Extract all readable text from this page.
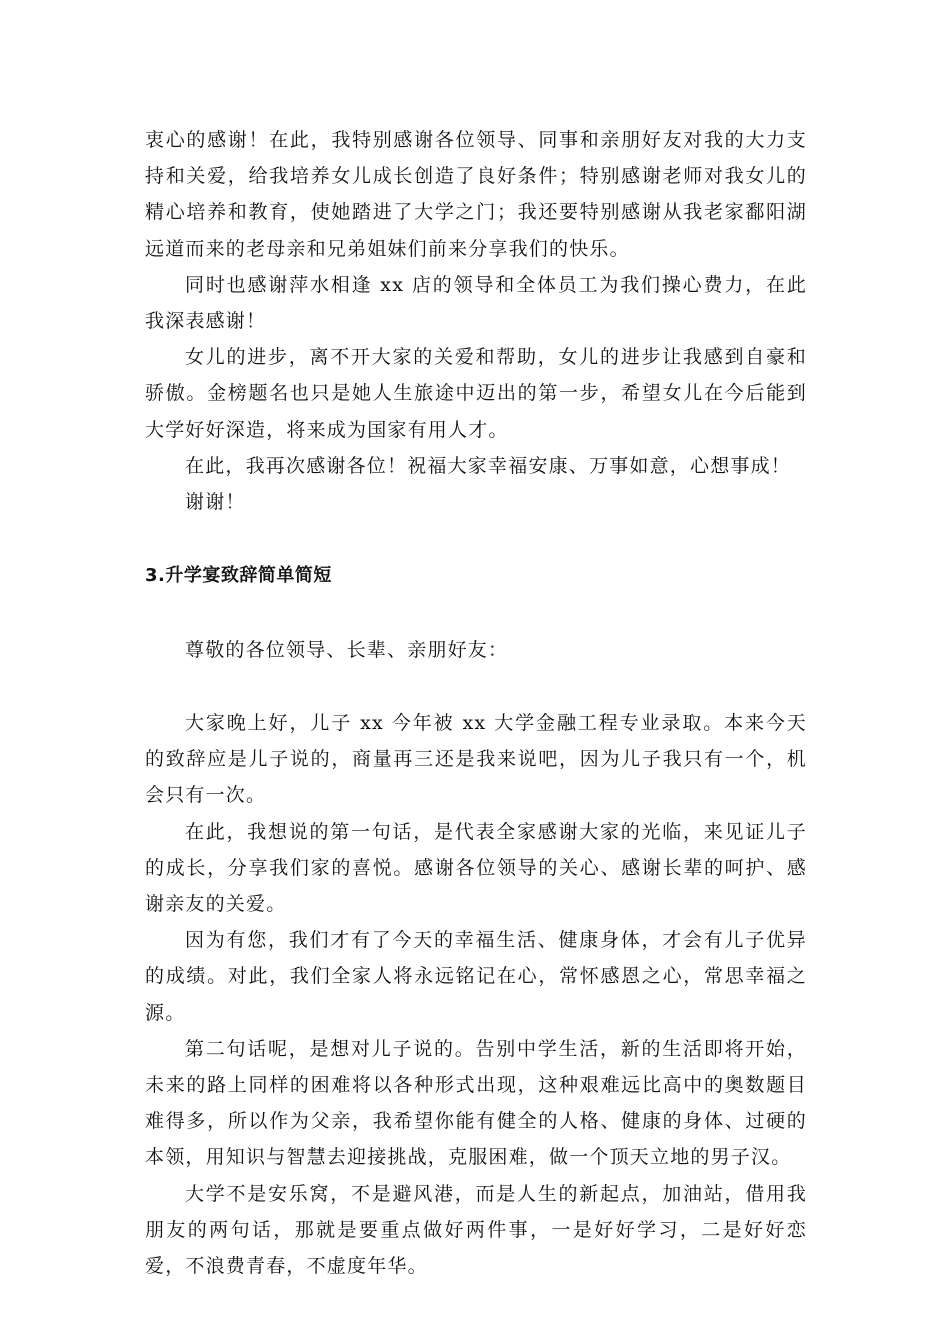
衷心的感谢！在此，我特别感谢各位领导、同事和亲朋好友对我的大力支持和关爱，给我培养女儿成长创造了良好条件；特别感谢老师对我女儿的精心培养和教育，使她踏进了大学之门；我还要特别感谢从我老家鄱阳湖远道而来的老母亲和兄弟姐妹们前来分享我们的快乐。

同时也感谢萍水相逢 xx 店的领导和全体员工为我们操心费力，在此我深表感谢！

女儿的进步，离不开大家的关爱和帮助，女儿的进步让我感到自豪和骄傲。金榜题名也只是她人生旅途中迈出的第一步，希望女儿在今后能到大学好好深造，将来成为国家有用人才。

在此，我再次感谢各位！祝福大家幸福安康、万事如意，心想事成！

谢谢！

3.升学宴致辞简单简短

尊敬的各位领导、长辈、亲朋好友：

大家晚上好，儿子 xx 今年被 xx 大学金融工程专业录取。本来今天的致辞应是儿子说的，商量再三还是我来说吧，因为儿子我只有一个，机会只有一次。

在此，我想说的第一句话，是代表全家感谢大家的光临，来见证儿子的成长，分享我们家的喜悦。感谢各位领导的关心、感谢长辈的呵护、感谢亲友的关爱。

因为有您，我们才有了今天的幸福生活、健康身体，才会有儿子优异的成绩。对此，我们全家人将永远铭记在心，常怀感恩之心，常思幸福之源。

第二句话呢，是想对儿子说的。告别中学生活，新的生活即将开始，未来的路上同样的困难将以各种形式出现，这种艰难远比高中的奥数题目难得多，所以作为父亲，我希望你能有健全的人格、健康的身体、过硬的本领，用知识与智慧去迎接挑战，克服困难，做一个顶天立地的男子汉。

大学不是安乐窝，不是避风港，而是人生的新起点，加油站，借用我朋友的两句话，那就是要重点做好两件事，一是好好学习，二是好好恋爱，不浪费青春，不虚度年华。
